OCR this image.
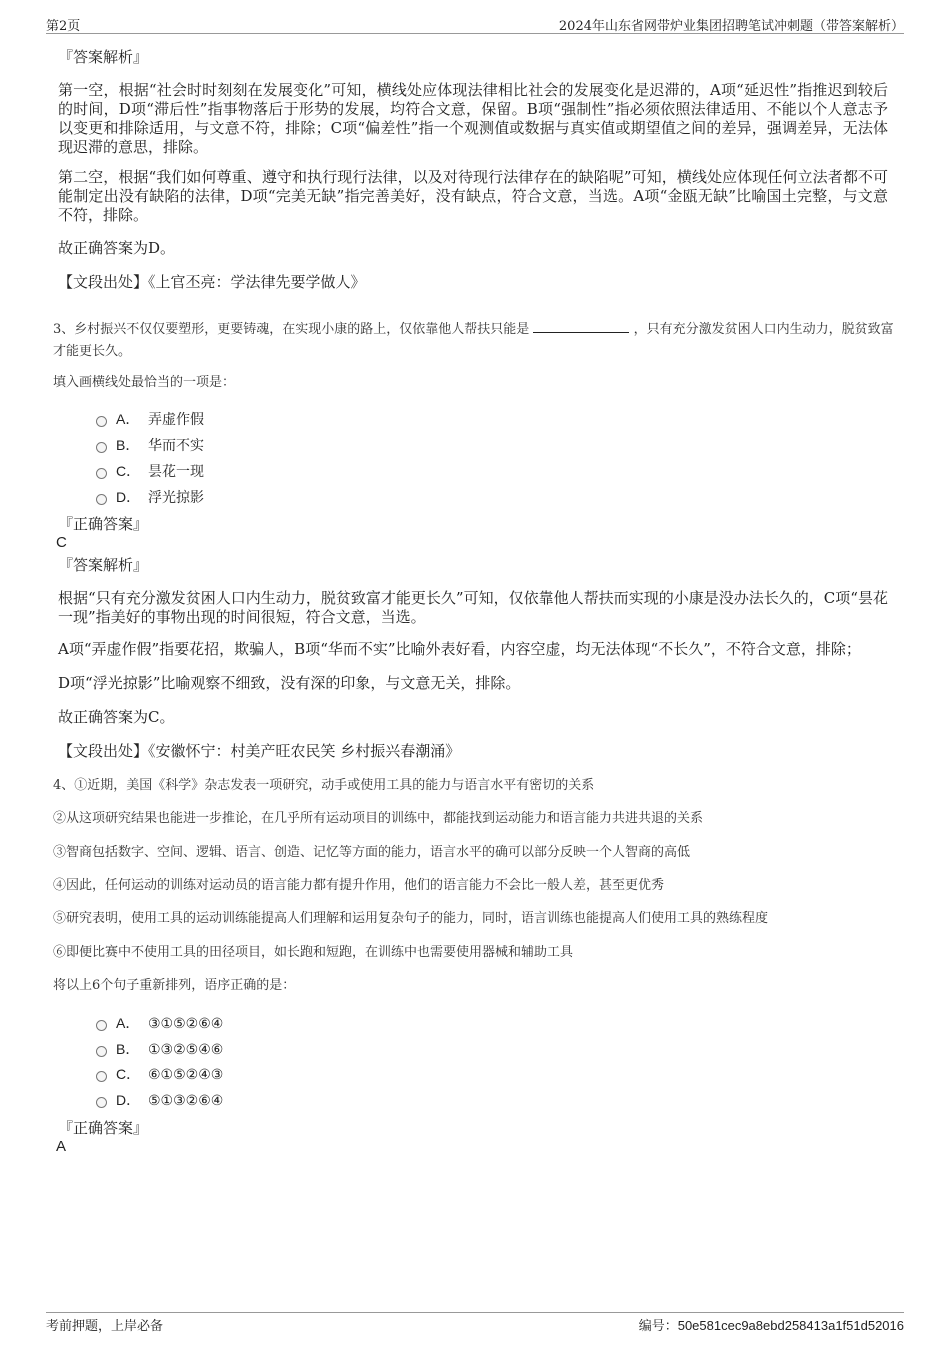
第2页	2024年山东省网带炉业集团招聘笔试冲刺题（带答案解析）
『答案解析』

第一空，根据“社会时时刻刻在发展变化”可知，横线处应体现法律相比社会的发展变化是迟滞的，A项“延迟性”指推迟到较后的时间，D项“滞后性”指事物落后于形势的发展，均符合文意，保留。B项“强制性”指必须依照法律适用、不能以个人意志予以变更和排除适用，与文意不符，排除；C项“偏差性”指一个观测值或数据与真实值或期望值之间的差异，强调差异，无法体现迟滞的意思，排除。

第二空，根据“我们如何尊重、遵守和执行现行法律，以及对待现行法律存在的缺陷呢”可知，横线处应体现任何立法者都不可能制定出没有缺陷的法律，D项“完美无缺”指完善美好，没有缺点，符合文意，当选。A项“金瓯无缺”比喻国土完整，与文意不符，排除。

故正确答案为D。
【文段出处】《上官丕亮：学法律先要学做人》
3、乡村振兴不仅仅要塑形，更要铸魂，在实现小康的路上，仅依靠他人帮扶只能是	，只有充分激发贫困人口内生动力，脱贫致富才能更长久。
填入画横线处最恰当的一项是：
A． 弄虚作假
B． 华而不实
C． 昙花一现
D． 浮光掠影
『正确答案』
C
『答案解析』

根据“只有充分激发贫困人口内生动力，脱贫致富才能更长久”可知，仅依靠他人帮扶而实现的小康是没办法长久的，C项“昙花一现”指美好的事物出现的时间很短，符合文意，当选。

A项“弄虚作假”指要花招，欺骗人，B项“华而不实”比喻外表好看，内容空虚，均无法体现“不长久”，不符合文意，排除；

D项“浮光掠影”比喻观察不细致，没有深的印象，与文意无关，排除。

故正确答案为C。
【文段出处】《安徽怀宁：村美产旺农民笑 乡村振兴春潮涌》
4、①近期，美国《科学》杂志发表一项研究，动手或使用工具的能力与语言水平有密切的关系
②从这项研究结果也能进一步推论，在几乎所有运动项目的训练中，都能找到运动能力和语言能力共进共退的关系
③智商包括数字、空间、逻辑、语言、创造、记忆等方面的能力，语言水平的确可以部分反映一个人智商的高低
④因此，任何运动的训练对运动员的语言能力都有提升作用，他们的语言能力不会比一般人差，甚至更优秀
⑤研究表明，使用工具的运动训练能提高人们理解和运用复杂句子的能力，同时，语言训练也能提高人们使用工具的熟练程度
⑥即便比赛中不使用工具的田径项目，如长跑和短跑，在训练中也需要使用器械和辅助工具
将以上6个句子重新排列，语序正确的是：
A． ③①⑤②⑥④
B． ①③②⑤④⑥
C． ⑥①⑤②④③
D． ⑤①③②⑥④
『正确答案』
A
考前押题，上岸必备	编号：50e581cec9a8ebd258413a1f51d52016
